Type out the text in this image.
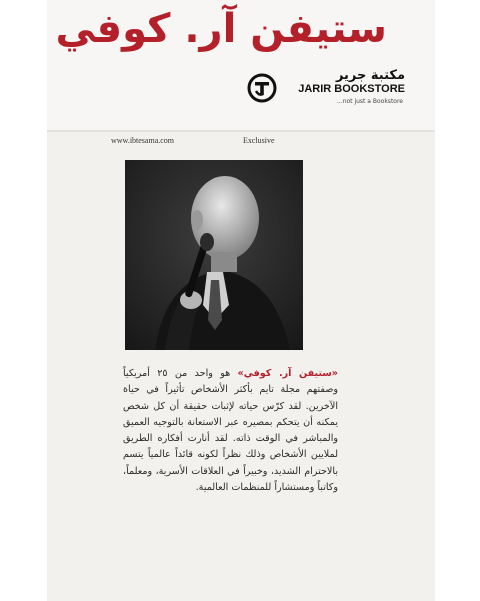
ستيفن آر. كوفي
مكتبة جرير
JARIR BOOKSTORE
...not just a Bookstore
www.ibtesama.com	Exclusive
«ستيفن آر. كوفي» هو واحد من ٢٥ أمريكياً وصفتهم مجلة تايم بأكثر الأشخاص تأثيراً في حياة الآخرين. لقد كرّس حياته لإثبات حقيقة أن كل شخص يمكنه أن يتحكم بمصيره عبر الاستعانة بالتوجيه العميق والمباشر في الوقت ذاته. لقد أنارت أفكاره الطريق لملايين الأشخاص وذلك نظراً لكونه قائداً عالمياً يتسم بالاحترام الشديد، وخبيراً في العلاقات الأسرية، ومعلماً، وكاتباً ومستشاراً للمنظمات العالمية.
